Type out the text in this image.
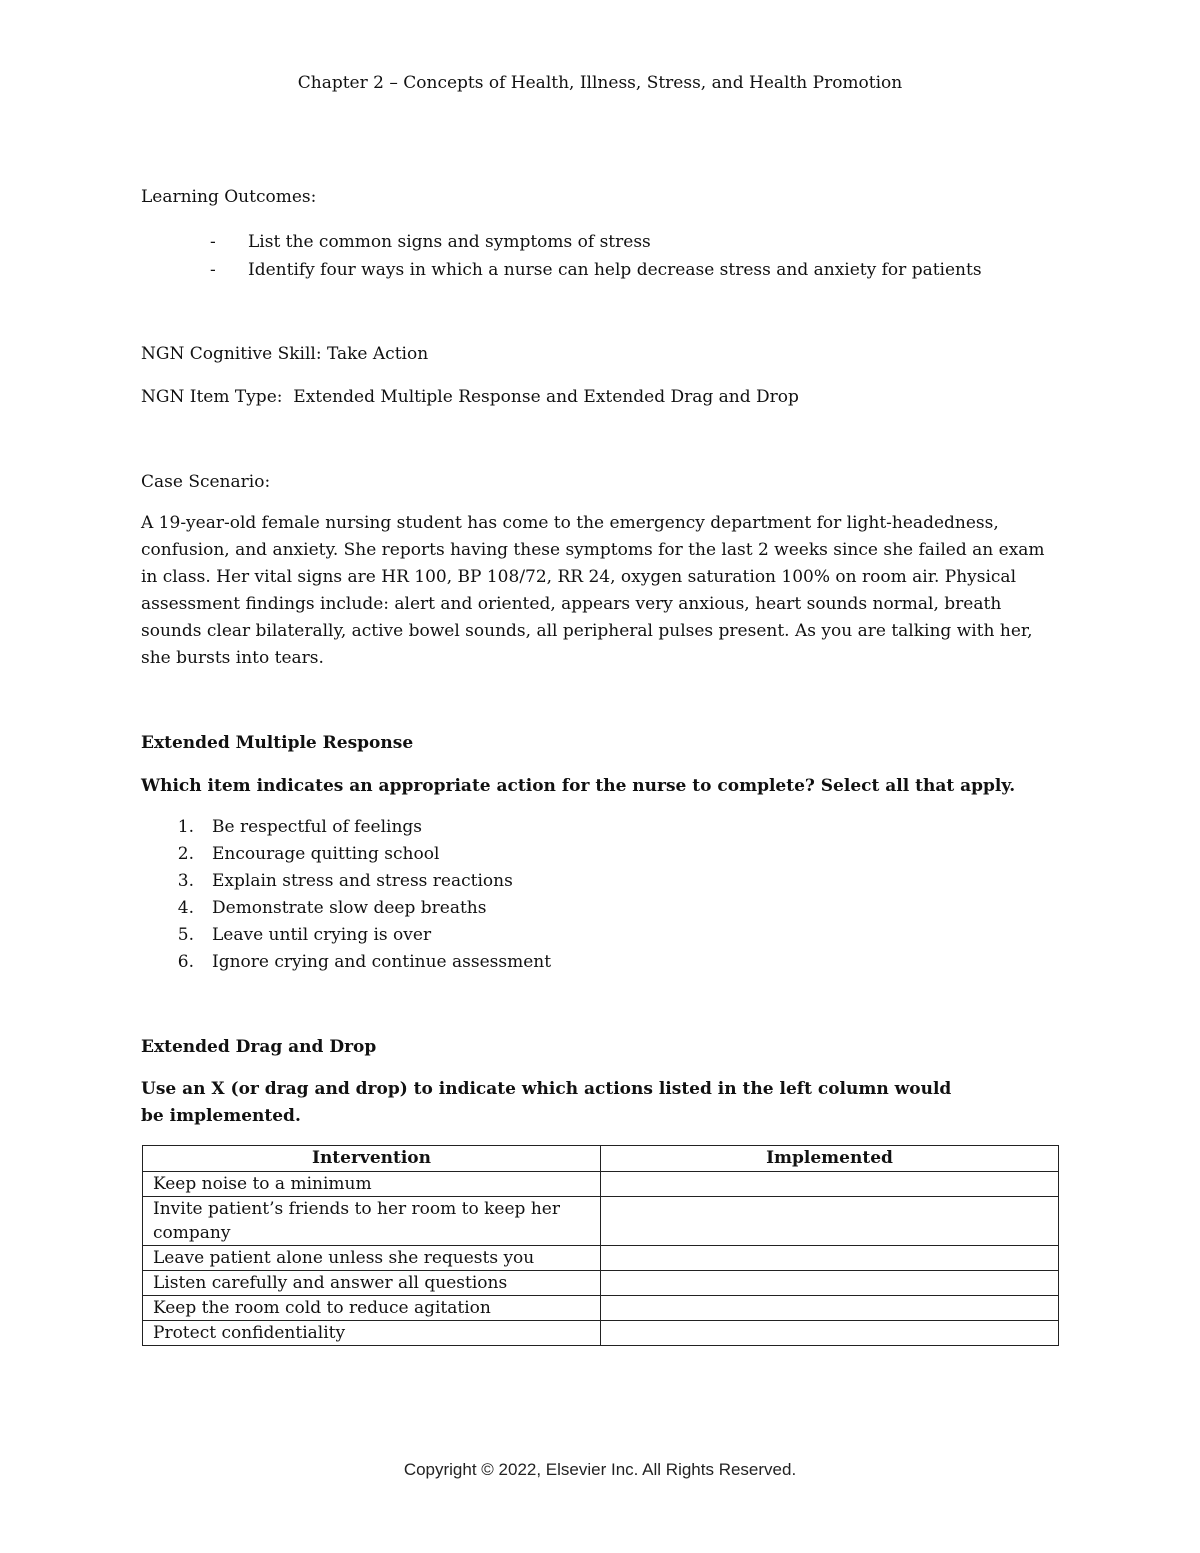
Chapter 2 – Concepts of Health, Illness, Stress, and Health Promotion
Learning Outcomes:
- List the common signs and symptoms of stress
- Identify four ways in which a nurse can help decrease stress and anxiety for patients
NGN Cognitive Skill: Take Action
NGN Item Type:  Extended Multiple Response and Extended Drag and Drop
Case Scenario:
A 19-year-old female nursing student has come to the emergency department for light-headedness, confusion, and anxiety. She reports having these symptoms for the last 2 weeks since she failed an exam in class. Her vital signs are HR 100, BP 108/72, RR 24, oxygen saturation 100% on room air. Physical assessment findings include: alert and oriented, appears very anxious, heart sounds normal, breath sounds clear bilaterally, active bowel sounds, all peripheral pulses present. As you are talking with her, she bursts into tears.
Extended Multiple Response
Which item indicates an appropriate action for the nurse to complete? Select all that apply.
1. Be respectful of feelings
2. Encourage quitting school
3. Explain stress and stress reactions
4. Demonstrate slow deep breaths
5. Leave until crying is over
6. Ignore crying and continue assessment
Extended Drag and Drop
Use an X (or drag and drop) to indicate which actions listed in the left column would be implemented.
Intervention	Implemented
Keep noise to a minimum	
Invite patient’s friends to her room to keep her company	
Leave patient alone unless she requests you	
Listen carefully and answer all questions	
Keep the room cold to reduce agitation	
Protect confidentiality	
Copyright © 2022, Elsevier Inc. All Rights Reserved.
